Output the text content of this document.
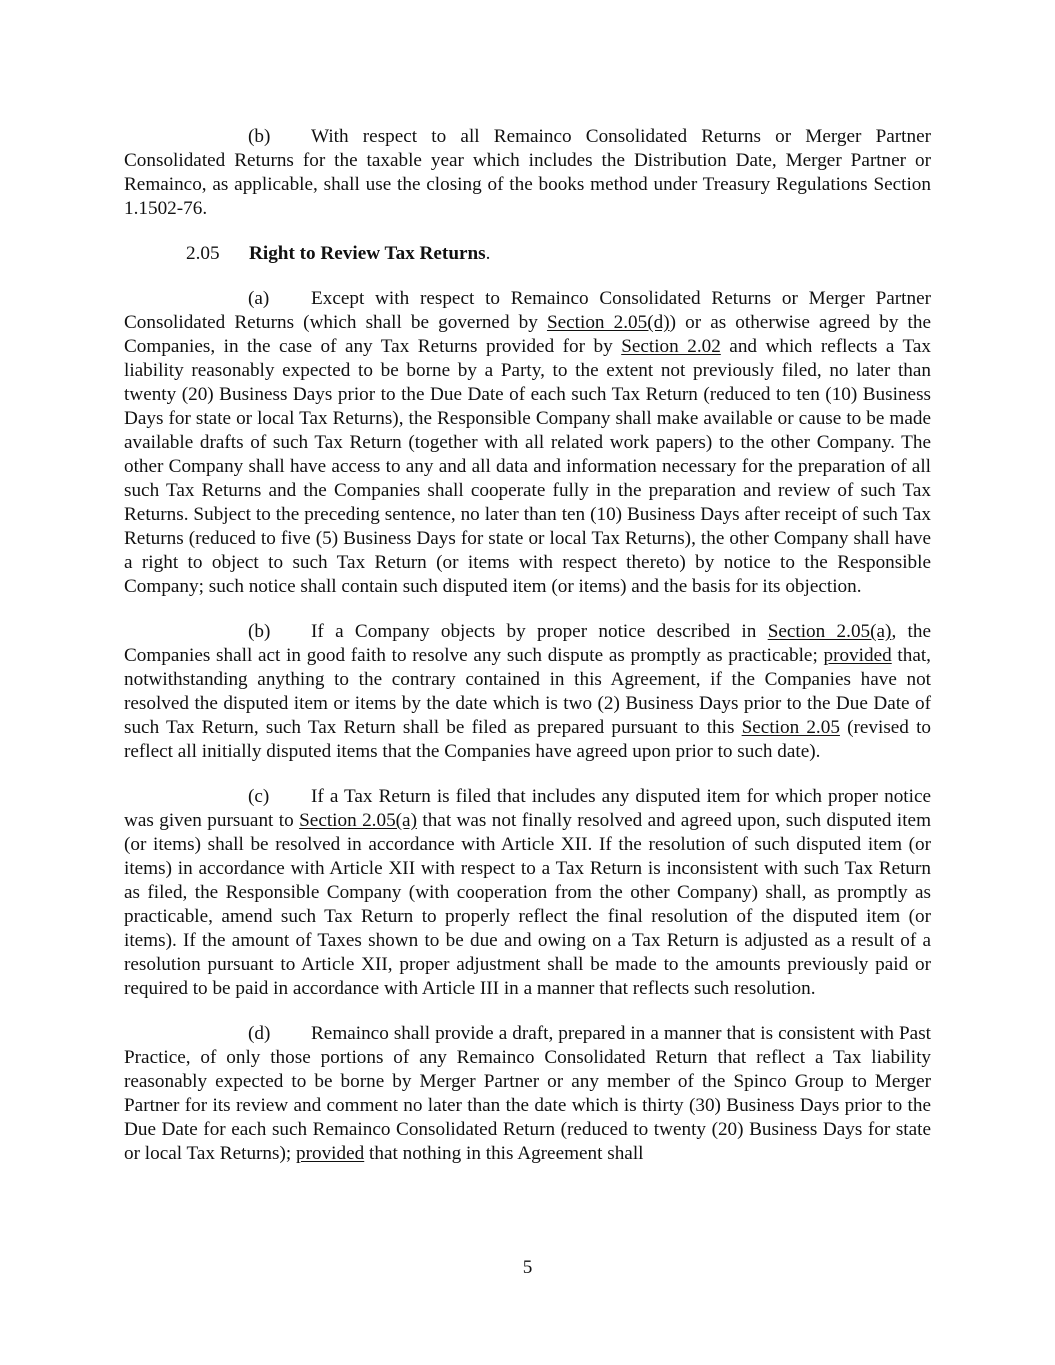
(b) With respect to all Remainco Consolidated Returns or Merger Partner Consolidated Returns for the taxable year which includes the Distribution Date, Merger Partner or Remainco, as applicable, shall use the closing of the books method under Treasury Regulations Section 1.1502-76.

2.05 Right to Review Tax Returns.

(a) Except with respect to Remainco Consolidated Returns or Merger Partner Consolidated Returns (which shall be governed by Section 2.05(d)) or as otherwise agreed by the Companies, in the case of any Tax Returns provided for by Section 2.02 and which reflects a Tax liability reasonably expected to be borne by a Party, to the extent not previously filed, no later than twenty (20) Business Days prior to the Due Date of each such Tax Return (reduced to ten (10) Business Days for state or local Tax Returns), the Responsible Company shall make available or cause to be made available drafts of such Tax Return (together with all related work papers) to the other Company. The other Company shall have access to any and all data and information necessary for the preparation of all such Tax Returns and the Companies shall cooperate fully in the preparation and review of such Tax Returns. Subject to the preceding sentence, no later than ten (10) Business Days after receipt of such Tax Returns (reduced to five (5) Business Days for state or local Tax Returns), the other Company shall have a right to object to such Tax Return (or items with respect thereto) by notice to the Responsible Company; such notice shall contain such disputed item (or items) and the basis for its objection.

(b) If a Company objects by proper notice described in Section 2.05(a), the Companies shall act in good faith to resolve any such dispute as promptly as practicable; provided that, notwithstanding anything to the contrary contained in this Agreement, if the Companies have not resolved the disputed item or items by the date which is two (2) Business Days prior to the Due Date of such Tax Return, such Tax Return shall be filed as prepared pursuant to this Section 2.05 (revised to reflect all initially disputed items that the Companies have agreed upon prior to such date).

(c) If a Tax Return is filed that includes any disputed item for which proper notice was given pursuant to Section 2.05(a) that was not finally resolved and agreed upon, such disputed item (or items) shall be resolved in accordance with Article XII. If the resolution of such disputed item (or items) in accordance with Article XII with respect to a Tax Return is inconsistent with such Tax Return as filed, the Responsible Company (with cooperation from the other Company) shall, as promptly as practicable, amend such Tax Return to properly reflect the final resolution of the disputed item (or items). If the amount of Taxes shown to be due and owing on a Tax Return is adjusted as a result of a resolution pursuant to Article XII, proper adjustment shall be made to the amounts previously paid or required to be paid in accordance with Article III in a manner that reflects such resolution.

(d) Remainco shall provide a draft, prepared in a manner that is consistent with Past Practice, of only those portions of any Remainco Consolidated Return that reflect a Tax liability reasonably expected to be borne by Merger Partner or any member of the Spinco Group to Merger Partner for its review and comment no later than the date which is thirty (30) Business Days prior to the Due Date for each such Remainco Consolidated Return (reduced to twenty (20) Business Days for state or local Tax Returns); provided that nothing in this Agreement shall

5
